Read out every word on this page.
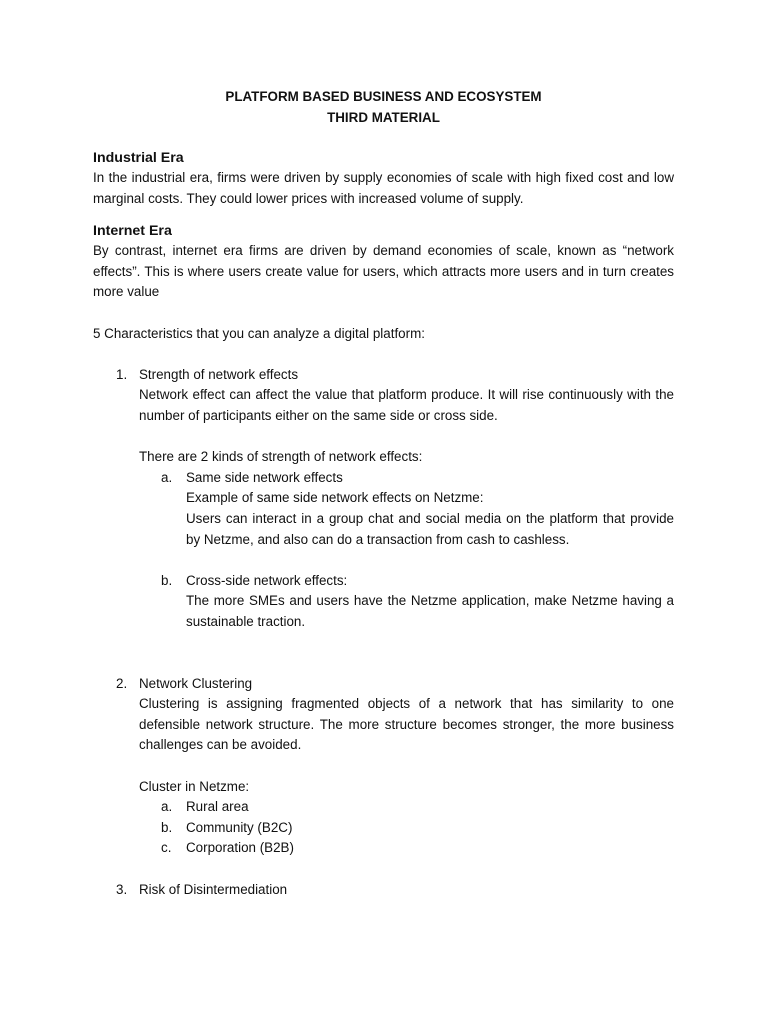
PLATFORM BASED BUSINESS AND ECOSYSTEM
THIRD MATERIAL
Industrial Era

In the industrial era, firms were driven by supply economies of scale with high fixed cost and low marginal costs. They could lower prices with increased volume of supply.

Internet Era

By contrast, internet era firms are driven by demand economies of scale, known as “network effects”. This is where users create value for users, which attracts more users and in turn creates more value

5 Characteristics that you can analyze a digital platform:

1. Strength of network effects

Network effect can affect the value that platform produce. It will rise continuously with the number of participants either on the same side or cross side.

There are 2 kinds of strength of network effects:
a. Same side network effects
Example of same side network effects on Netzme:

Users can interact in a group chat and social media on the platform that provide by Netzme, and also can do a transaction from cash to cashless.

b. Cross-side network effects:

The more SMEs and users have the Netzme application, make Netzme having a sustainable traction.

2. Network Clustering

Clustering is assigning fragmented objects of a network that has similarity to one defensible network structure. The more structure becomes stronger, the more business challenges can be avoided.

Cluster in Netzme:
a. Rural area
b. Community (B2C)
c. Corporation (B2B)
3. Risk of Disintermediation
